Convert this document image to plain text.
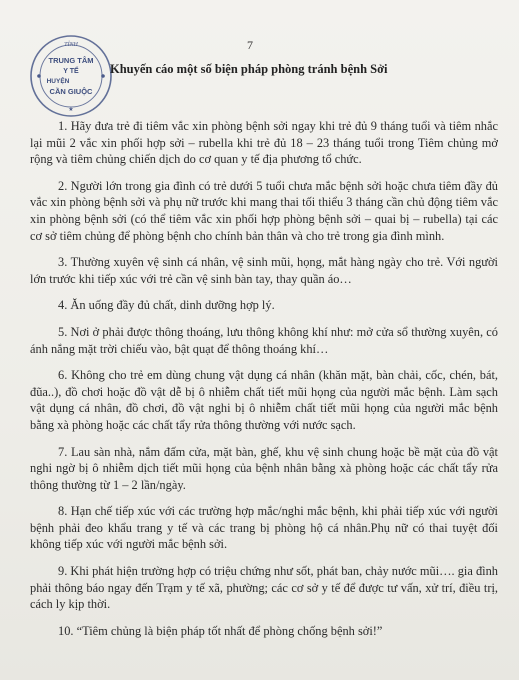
7
TỈNH
TRUNG TÂM
Y TẾ
HUYỆN
CẦN GIUỘC
★
Khuyến cáo một số biện pháp phòng tránh bệnh Sởi

1. Hãy đưa trẻ đi tiêm vắc xin phòng bệnh sởi ngay khi trẻ đủ 9 tháng tuổi và tiêm nhắc lại mũi 2 vắc xin phối hợp sởi – rubella khi trẻ đủ 18 – 23 tháng tuổi trong Tiêm chủng mở rộng và tiêm chủng chiến dịch do cơ quan y tế địa phương tổ chức.

2. Người lớn trong gia đình có trẻ dưới 5 tuổi chưa mắc bệnh sởi hoặc chưa tiêm đầy đủ vắc xin phòng bệnh sởi và phụ nữ trước khi mang thai tối thiểu 3 tháng cần chủ động tiêm vắc xin phòng bệnh sởi (có thể tiêm vắc xin phối hợp phòng bệnh sởi – quai bị – rubella) tại các cơ sở tiêm chủng để phòng bệnh cho chính bản thân và cho trẻ trong gia đình mình.

3. Thường xuyên vệ sinh cá nhân, vệ sinh mũi, họng, mắt hàng ngày cho trẻ. Với người lớn trước khi tiếp xúc với trẻ cần vệ sinh bàn tay, thay quần áo…

4. Ăn uống đầy đủ chất, dinh dưỡng hợp lý.

5. Nơi ở phải được thông thoáng, lưu thông không khí như: mở cửa sổ thường xuyên, có ánh nắng mặt trời chiếu vào, bật quạt để thông thoáng khí…

6. Không cho trẻ em dùng chung vật dụng cá nhân (khăn mặt, bàn chải, cốc, chén, bát, đũa..), đồ chơi hoặc đồ vật dễ bị ô nhiễm chất tiết mũi họng của người mắc bệnh. Làm sạch vật dụng cá nhân, đồ chơi, đồ vật nghi bị ô nhiễm chất tiết mũi họng của người mắc bệnh bằng xà phòng hoặc các chất tẩy rửa thông thường với nước sạch.

7. Lau sàn nhà, nắm đấm cửa, mặt bàn, ghế, khu vệ sinh chung hoặc bề mặt của đồ vật nghi ngờ bị ô nhiễm dịch tiết mũi họng của bệnh nhân bằng xà phòng hoặc các chất tẩy rửa thông thường từ 1 – 2 lần/ngày.

8. Hạn chế tiếp xúc với các trường hợp mắc/nghi mắc bệnh, khi phải tiếp xúc với người bệnh phải đeo khẩu trang y tế và các trang bị phòng hộ cá nhân.Phụ nữ có thai tuyệt đối không tiếp xúc với người mắc bệnh sởi.

9. Khi phát hiện trường hợp có triệu chứng như sốt, phát ban, chảy nước mũi…. gia đình phải thông báo ngay đến Trạm y tế xã, phường; các cơ sở y tế để được tư vấn, xử trí, điều trị, cách ly kịp thời.

10. “Tiêm chủng là biện pháp tốt nhất để phòng chống bệnh sởi!”
